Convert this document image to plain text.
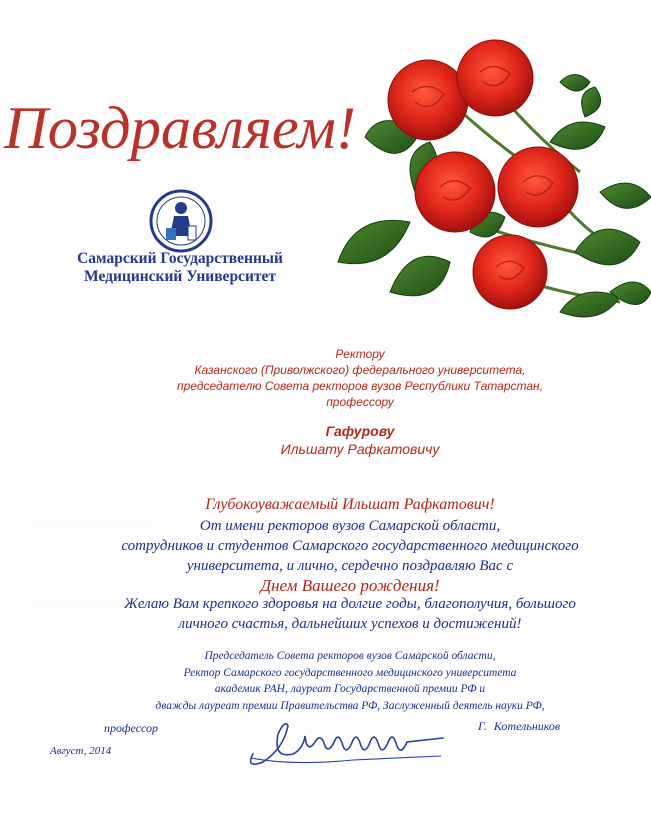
············································
············································
Поздравляем!
Самарский Государственный
Медицинский Университет
Ректору
Казанского (Приволжского) федерального университета,
председателю Совета ректоров вузов Республики Татарстан,
профессору
Гафурову
Ильшату Рафкатовичу
Глубокоуважаемый Ильшат Рафкатович!
От имени ректоров вузов Самарской области,
сотрудников и студентов Самарского государственного медицинского
университета, и лично, сердечно поздравляю Вас с
Днем Вашего рождения!
Желаю Вам крепкого здоровья на долгие годы, благополучия, большого
личного счастья, дальнейших успехов и достижений!
Председатель Совета ректоров вузов Самарской области,
Ректор Самарского государственного медицинского университета
академик РАН, лауреат Государственной премии РФ и
дважды лауреат премии Правительства РФ, Заслуженный деятель науки РФ,
профессор	Г. Котельников
Август, 2014
